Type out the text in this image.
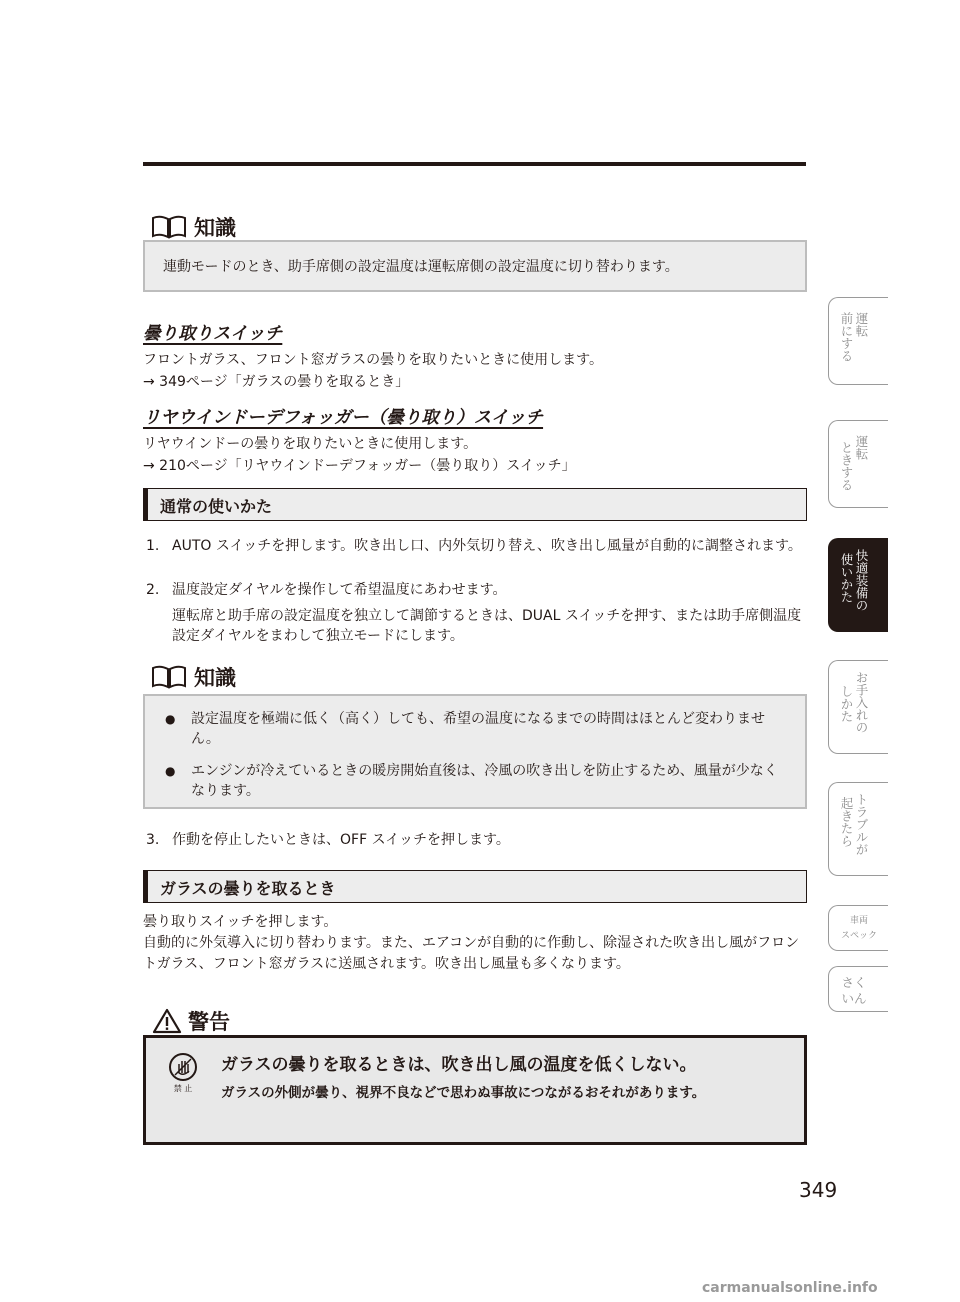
知識
連動モードのとき、助手席側の設定温度は運転席側の設定温度に切り替わります。
曇り取りスイッチ
フロントガラス、フロント窓ガラスの曇りを取りたいときに使用します。
→ 349ページ「ガラスの曇りを取るとき」
リヤウインドーデフォッガー（曇り取り）スイッチ
リヤウインドーの曇りを取りたいときに使用します。
→ 210ページ「リヤウインドーデフォッガー（曇り取り）スイッチ」
通常の使いかた
1. AUTO スイッチを押します。吹き出し口、内外気切り替え、吹き出し風量が自動的に調整されます。
2. 温度設定ダイヤルを操作して希望温度にあわせます。
運転席と助手席の設定温度を独立して調節するときは、DUAL スイッチを押す、または助手席側温度設定ダイヤルをまわして独立モードにします。
知識
●	設定温度を極端に低く（高く）しても、希望の温度になるまでの時間はほとんど変わりません。
●	エンジンが冷えているときの暖房開始直後は、冷風の吹き出しを防止するため、風量が少なくなります。
3. 作動を停止したいときは、OFF スイッチを押します。
ガラスの曇りを取るとき
曇り取りスイッチを押します。
自動的に外気導入に切り替わります。また、エアコンが自動的に作動し、除湿された吹き出し風がフロントガラス、フロント窓ガラスに送風されます。吹き出し風量も多くなります。
警告
禁 止
ガラスの曇りを取るときは、吹き出し風の温度を低くしない。
ガラスの外側が曇り、視界不良などで思わぬ事故につながるおそれがあります。
349
運転
前にする
運転
ときする
快適装備の
使いかた
お手入れの
しかた
トラブルが
起きたら
車両
スペック
さく
いん
carmanualsonline.info
